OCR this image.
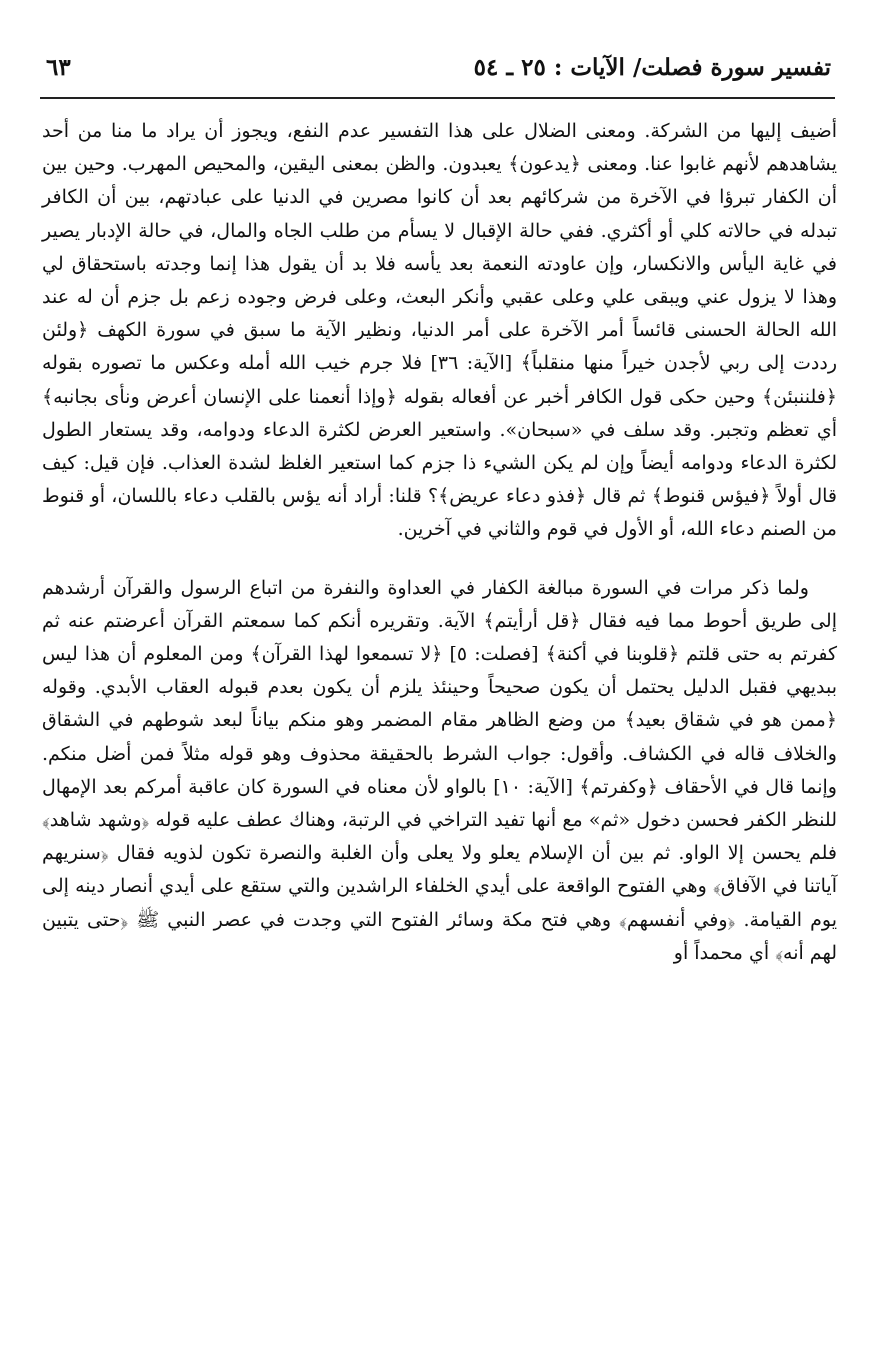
تفسير سورة فصلت/ الآيات : ٢٥ ـ ٥٤
٦٣

أضيف إليها من الشركة. ومعنى الضلال على هذا التفسير عدم النفع، ويجوز أن يراد ما منا من أحد يشاهدهم لأنهم غابوا عنا. ومعنى ﴿يدعون﴾ يعبدون. والظن بمعنى اليقين، والمحيص المهرب. وحين بين أن الكفار تبرؤا في الآخرة من شركائهم بعد أن كانوا مصرين في الدنيا على عبادتهم، بين أن الكافر تبدله في حالاته كلي أو أكثري. ففي حالة الإقبال لا يسأم من طلب الجاه والمال، في حالة الإدبار يصير في غاية اليأس والانكسار، وإن عاودته النعمة بعد يأسه فلا بد أن يقول هذا إنما وجدته باستحقاق لي وهذا لا يزول عني ويبقى علي وعلى عقبي وأنكر البعث، وعلى فرض وجوده زعم بل جزم أن له عند الله الحالة الحسنى قائساً أمر الآخرة على أمر الدنيا، ونظير الآية ما سبق في سورة الكهف ﴿ولئن رددت إلى ربي لأجدن خيراً منها منقلباً﴾ [الآية: ٣٦] فلا جرم خيب الله أمله وعكس ما تصوره بقوله ﴿فلننبئن﴾ وحين حكى قول الكافر أخبر عن أفعاله بقوله ﴿وإذا أنعمنا على الإنسان أعرض ونأى بجانبه﴾ أي تعظم وتجبر. وقد سلف في «سبحان». واستعير العرض لكثرة الدعاء ودوامه، وقد يستعار الطول لكثرة الدعاء ودوامه أيضاً وإن لم يكن الشيء ذا جزم كما استعير الغلظ لشدة العذاب. فإن قيل: كيف قال أولاً ﴿فيؤس قنوط﴾ ثم قال ﴿فذو دعاء عريض﴾؟ قلنا: أراد أنه يؤس بالقلب دعاء باللسان، أو قنوط من الصنم دعاء الله، أو الأول في قوم والثاني في آخرين.

ولما ذكر مرات في السورة مبالغة الكفار في العداوة والنفرة من اتباع الرسول والقرآن أرشدهم إلى طريق أحوط مما فيه فقال ﴿قل أرأيتم﴾ الآية. وتقريره أنكم كما سمعتم القرآن أعرضتم عنه ثم كفرتم به حتى قلتم ﴿قلوبنا في أكنة﴾ [فصلت: ٥] ﴿لا تسمعوا لهذا القرآن﴾ ومن المعلوم أن هذا ليس ببديهي فقبل الدليل يحتمل أن يكون صحيحاً وحينئذ يلزم أن يكون بعدم قبوله العقاب الأبدي. وقوله ﴿ممن هو في شقاق بعيد﴾ من وضع الظاهر مقام المضمر وهو منكم بياناً لبعد شوطهم في الشقاق والخلاف قاله في الكشاف. وأقول: جواب الشرط بالحقيقة محذوف وهو قوله مثلاً فمن أضل منكم. وإنما قال في الأحقاف ﴿وكفرتم﴾ [الآية: ١٠] بالواو لأن معناه في السورة كان عاقبة أمركم بعد الإمهال للنظر الكفر فحسن دخول «ثم» مع أنها تفيد التراخي في الرتبة، وهناك عطف عليه قوله ﴿وشهد شاهد﴾ فلم يحسن إلا الواو. ثم بين أن الإسلام يعلو ولا يعلى وأن الغلبة والنصرة تكون لذويه فقال ﴿سنريهم آياتنا في الآفاق﴾ وهي الفتوح الواقعة على أيدي الخلفاء الراشدين والتي ستقع على أيدي أنصار دينه إلى يوم القيامة. ﴿وفي أنفسهم﴾ وهي فتح مكة وسائر الفتوح التي وجدت في عصر النبي ﷺ ﴿حتى يتبين لهم أنه﴾ أي محمداً أو
